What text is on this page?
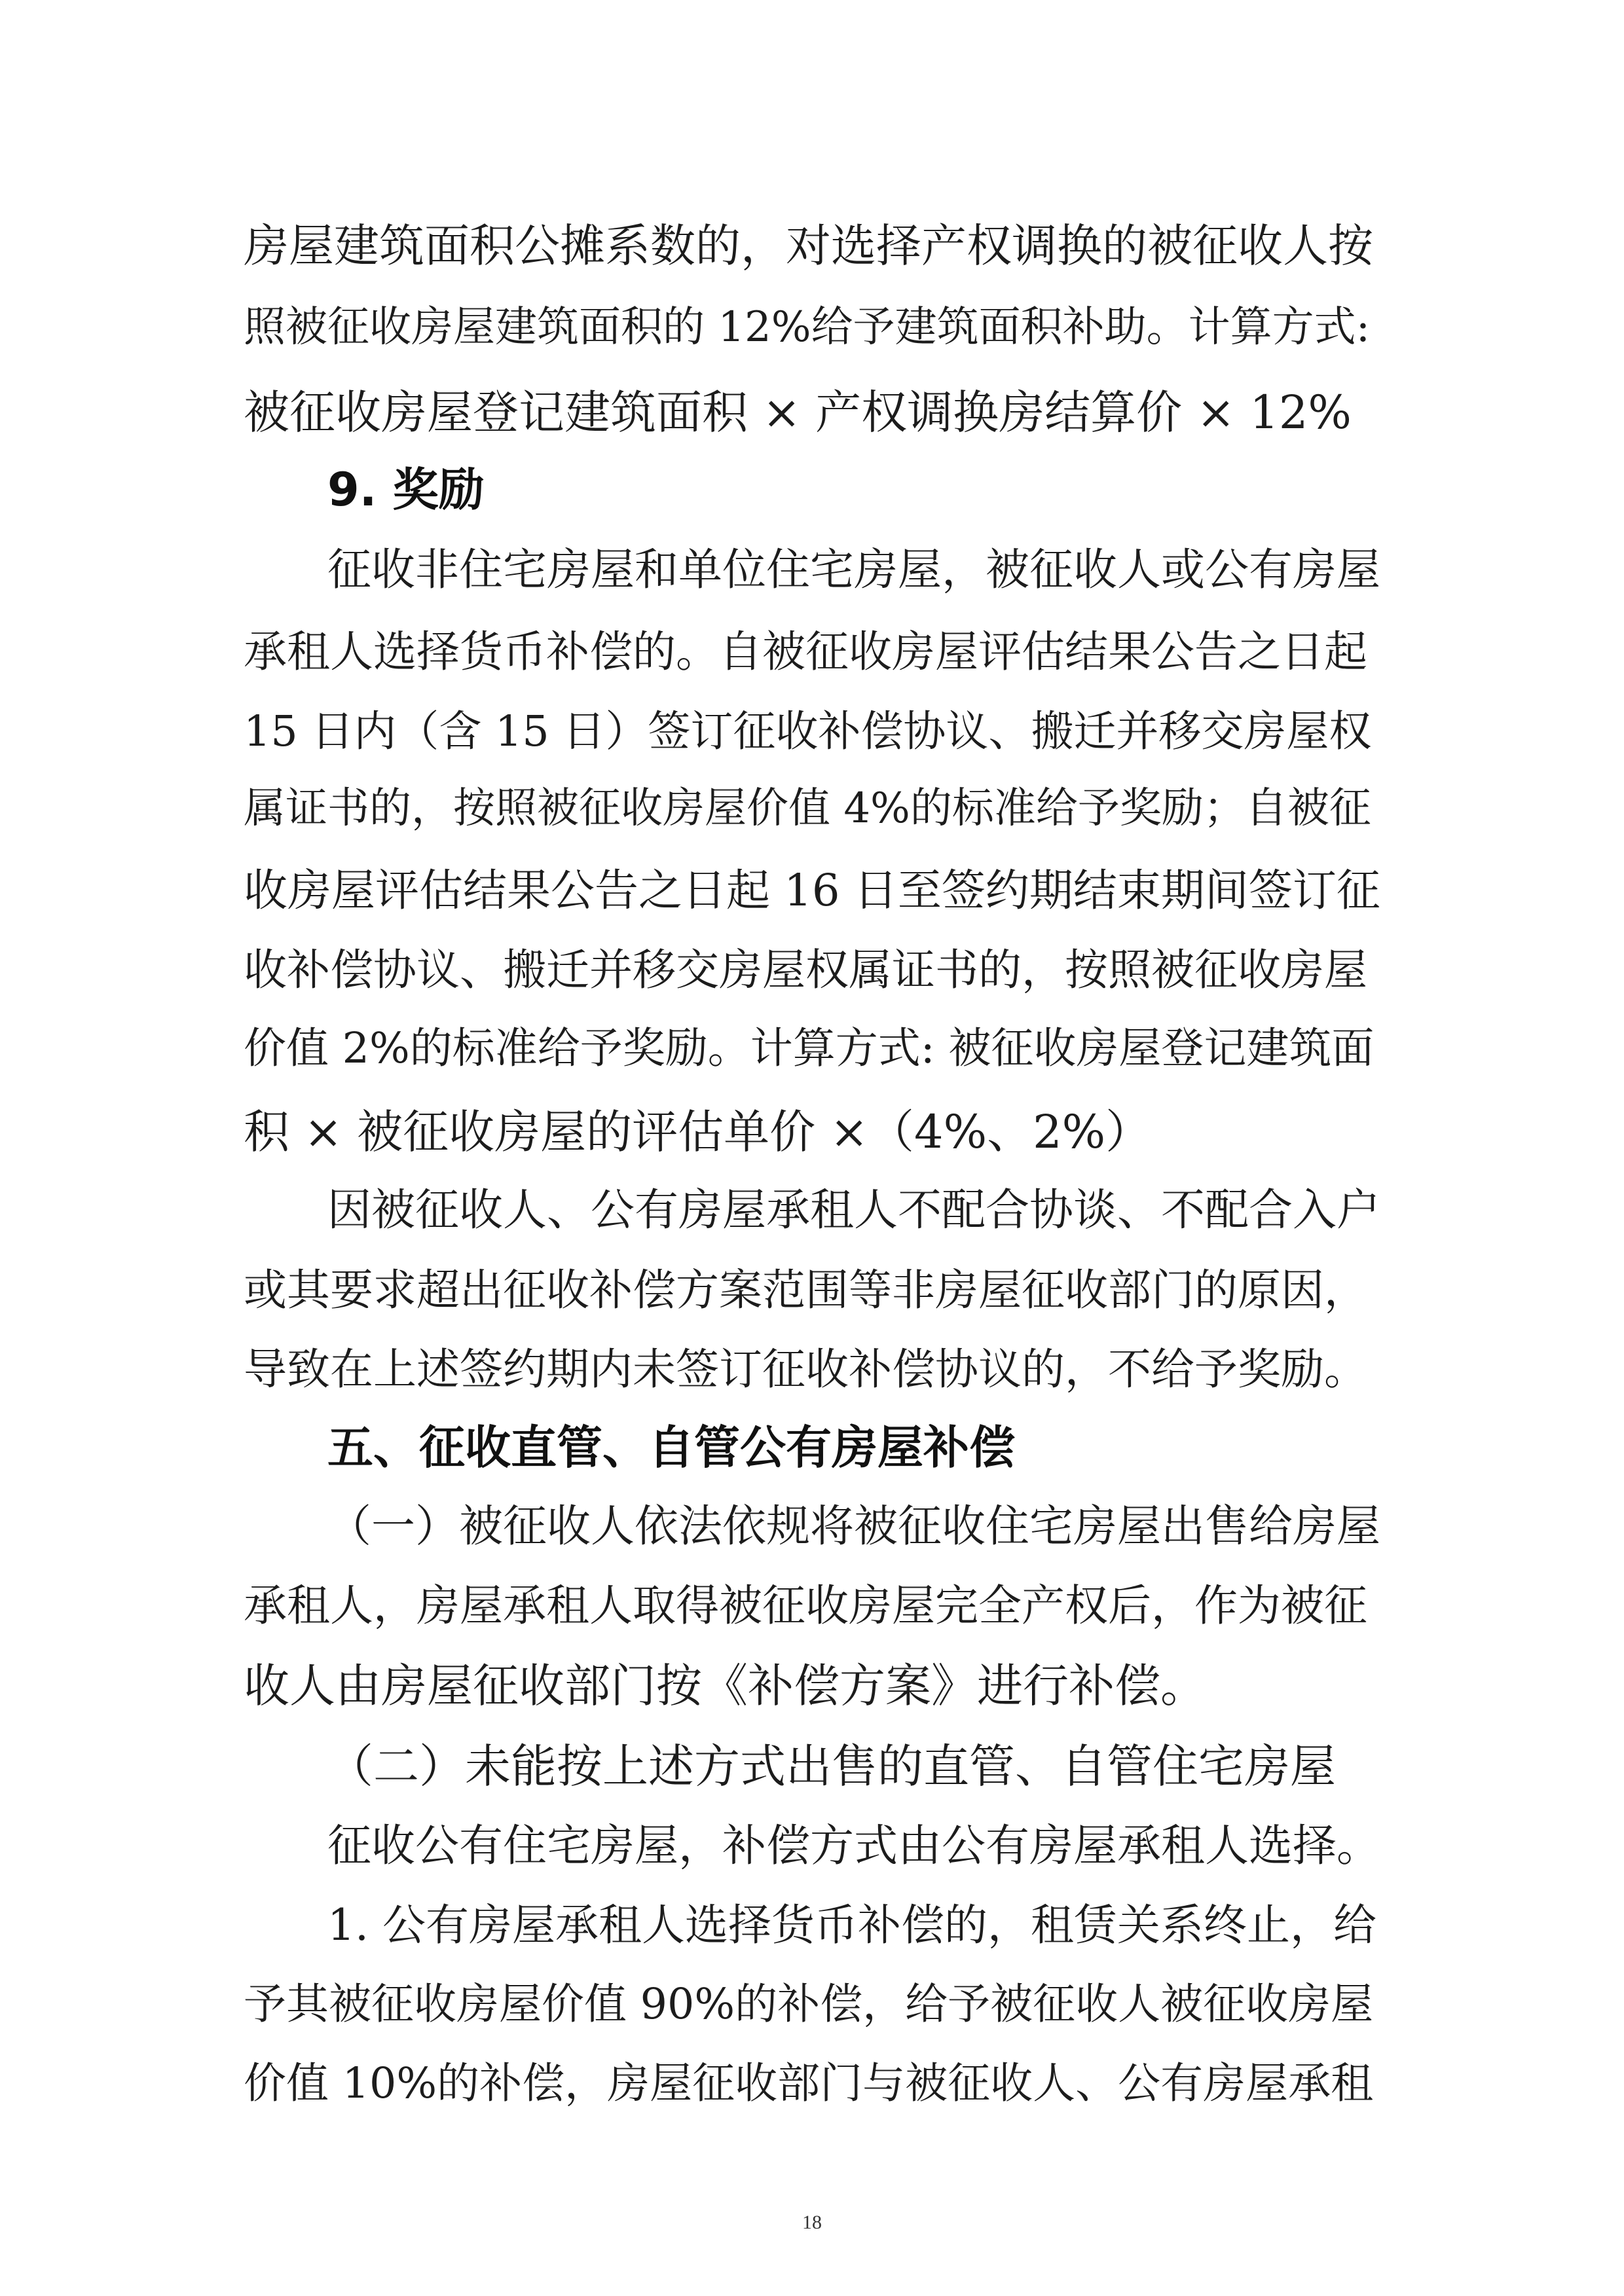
房屋建筑面积公摊系数的，对选择产权调换的被征收人按
照被征收房屋建筑面积的 12%给予建筑面积补助。计算方式:
被征收房屋登记建筑面积 × 产权调换房结算价 × 12%
9. 奖励
征收非住宅房屋和单位住宅房屋，被征收人或公有房屋
承租人选择货币补偿的。自被征收房屋评估结果公告之日起
15 日内（含 15 日）签订征收补偿协议、搬迁并移交房屋权
属证书的，按照被征收房屋价值 4%的标准给予奖励；自被征
收房屋评估结果公告之日起 16 日至签约期结束期间签订征
收补偿协议、搬迁并移交房屋权属证书的，按照被征收房屋
价值 2%的标准给予奖励。计算方式: 被征收房屋登记建筑面
积 × 被征收房屋的评估单价 ×（4%、2%）
因被征收人、公有房屋承租人不配合协谈、不配合入户
或其要求超出征收补偿方案范围等非房屋征收部门的原因，
导致在上述签约期内未签订征收补偿协议的，不给予奖励。
五、征收直管、自管公有房屋补偿
（一）被征收人依法依规将被征收住宅房屋出售给房屋
承租人，房屋承租人取得被征收房屋完全产权后，作为被征
收人由房屋征收部门按《补偿方案》进行补偿。
（二）未能按上述方式出售的直管、自管住宅房屋
征收公有住宅房屋，补偿方式由公有房屋承租人选择。
1. 公有房屋承租人选择货币补偿的，租赁关系终止，给
予其被征收房屋价值 90%的补偿，给予被征收人被征收房屋
价值 10%的补偿，房屋征收部门与被征收人、公有房屋承租
18
